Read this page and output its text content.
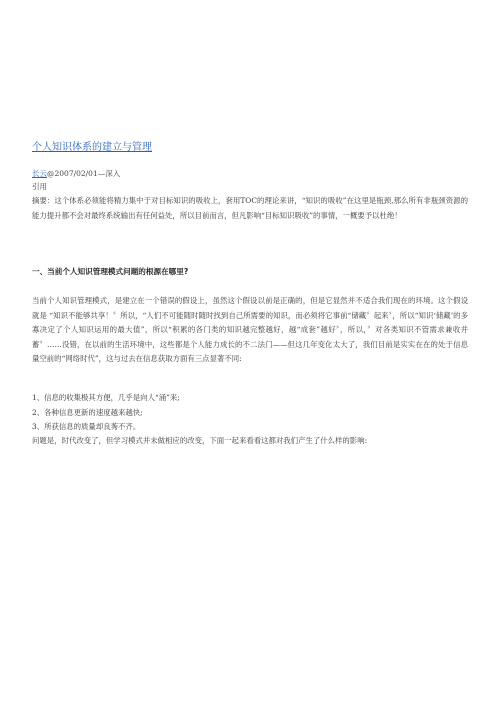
个人知识体系的建立与管理
长云@2007/02/01—深入
引用
摘要：这个体系必须能将精力集中于对目标知识的吸收上，套用TOC的理论来讲，“知识的吸收”在这里是瓶颈,那么所有非瓶颈资源的能力提升都不会对最终系统输出有任何益处，所以目前而言，但凡影响“目标知识吸收”的事情，一概要予以杜绝！
一、当前个人知识管理模式问题的根源在哪里?
当前个人知识管理模式，是建立在一个错误的假设上，虽然这个假设以前是正确的，但是它显然并不适合我们现在的环境。这个假设就是 “知识不能够共享！〞所以，“人们不可能随时随时找到自己所需要的知识，而必须将它事前“储藏〞起来〞，所以“知识‘储藏’的多寡决定了个人知识运用的最大值”，所以“积累的各门类的知识越完整越好，越“成套”越好〞，所以，〞对各类知识不管需求兼收并蓄〞……没错，在以前的生活环境中，这些都是个人能力成长的不二法门——但这几年变化太大了，我们目前是实实在在的处于信息量空前的“网络时代”，这与过去在信息获取方面有三点显著不同:
1、信息的收集极其方便，几乎是向人“涌”来;
2、各种信息更新的速度越来越快;
3、所获信息的质量却良莠不齐。
问题是，时代改变了，但学习模式并未做相应的改变，下面一起来看看这都对我们产生了什么样的影响:
